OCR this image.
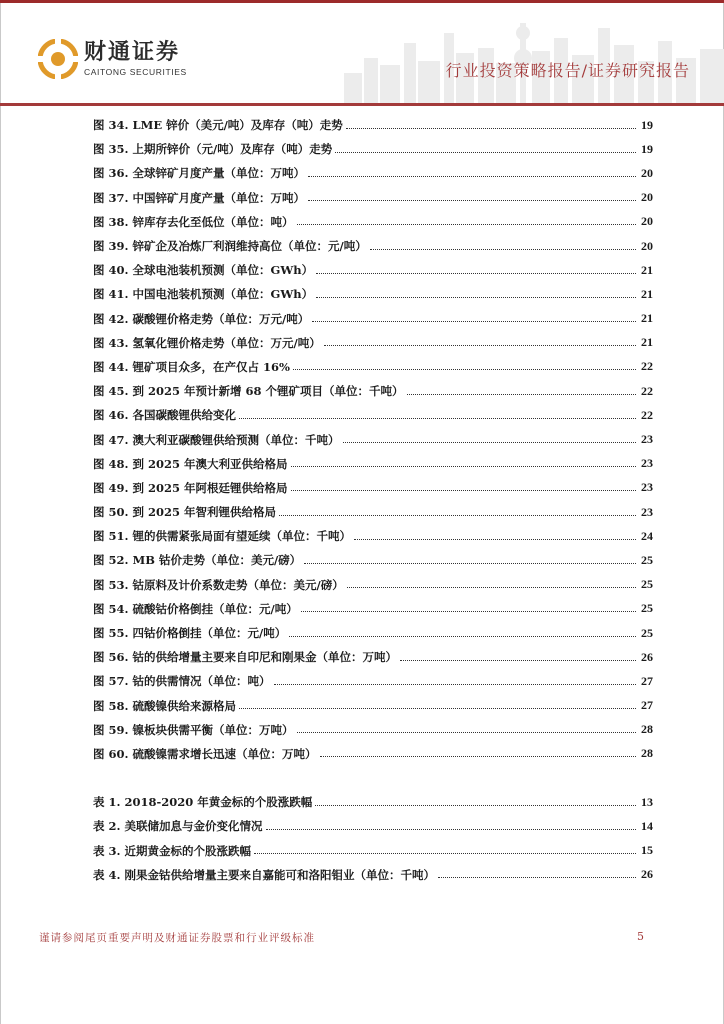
财通证券
CAITONG SECURITIES	行业投资策略报告/证券研究报告
图 34. LME 锌价（美元/吨）及库存（吨）走势	19
图 35. 上期所锌价（元/吨）及库存（吨）走势	19
图 36. 全球锌矿月度产量（单位：万吨）	20
图 37. 中国锌矿月度产量（单位：万吨）	20
图 38. 锌库存去化至低位（单位：吨）	20
图 39. 锌矿企及冶炼厂利润维持高位（单位：元/吨）	20
图 40. 全球电池装机预测（单位：GWh）	21
图 41. 中国电池装机预测（单位：GWh）	21
图 42. 碳酸锂价格走势（单位：万元/吨）	21
图 43. 氢氧化锂价格走势（单位：万元/吨）	21
图 44. 锂矿项目众多，在产仅占 16%	22
图 45. 到 2025 年预计新增 68 个锂矿项目（单位：千吨）	22
图 46. 各国碳酸锂供给变化	22
图 47. 澳大利亚碳酸锂供给预测（单位：千吨）	23
图 48. 到 2025 年澳大利亚供给格局	23
图 49. 到 2025 年阿根廷锂供给格局	23
图 50. 到 2025 年智利锂供给格局	23
图 51. 锂的供需紧张局面有望延续（单位：千吨）	24
图 52. MB 钴价走势（单位：美元/磅）	25
图 53. 钴原料及计价系数走势（单位：美元/磅）	25
图 54. 硫酸钴价格倒挂（单位：元/吨）	25
图 55. 四钴价格倒挂（单位：元/吨）	25
图 56. 钴的供给增量主要来自印尼和刚果金（单位：万吨）	26
图 57. 钴的供需情况（单位：吨）	27
图 58. 硫酸镍供给来源格局	27
图 59. 镍板块供需平衡（单位：万吨）	28
图 60. 硫酸镍需求增长迅速（单位：万吨）	28
表 1. 2018-2020 年黄金标的个股涨跌幅	13
表 2. 美联储加息与金价变化情况	14
表 3. 近期黄金标的个股涨跌幅	15
表 4. 刚果金钴供给增量主要来自嘉能可和洛阳钼业（单位：千吨）	26
谨请参阅尾页重要声明及财通证券股票和行业评级标准	5
